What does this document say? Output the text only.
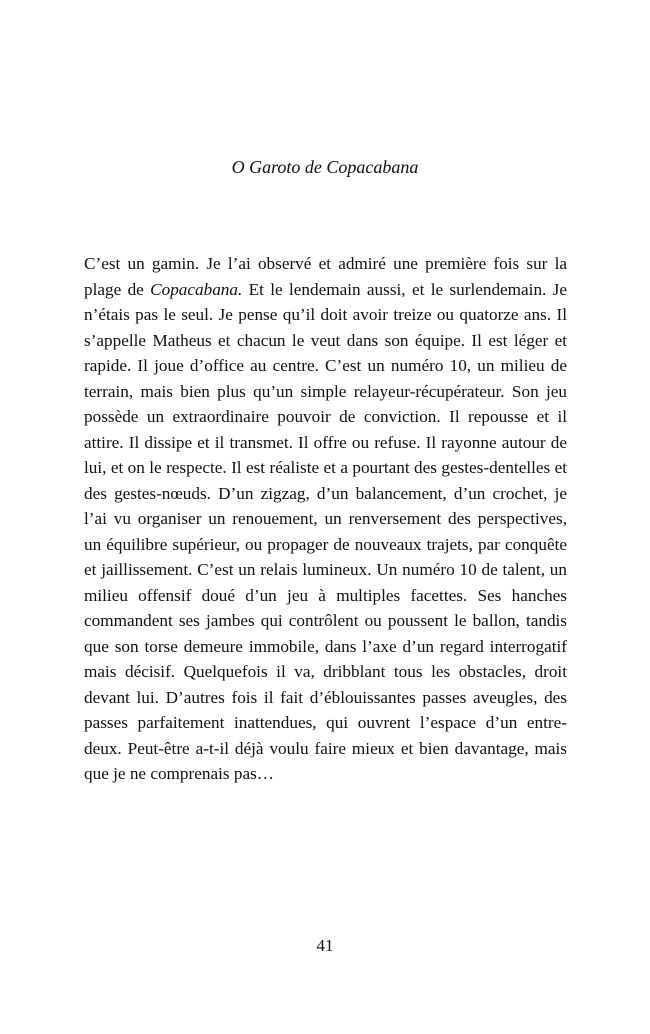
O Garoto de Copacabana

C’est un gamin. Je l’ai observé et admiré une première fois sur la plage de Copacabana. Et le lendemain aussi, et le surlendemain. Je n’étais pas le seul. Je pense qu’il doit avoir treize ou quatorze ans. Il s’appelle Matheus et chacun le veut dans son équipe. Il est léger et rapide. Il joue d’office au centre. C’est un numéro 10, un milieu de terrain, mais bien plus qu’un simple relayeur-récupérateur. Son jeu possède un extraordinaire pouvoir de conviction. Il repousse et il attire. Il dissipe et il transmet. Il offre ou refuse. Il rayonne autour de lui, et on le respecte. Il est réaliste et a pourtant des gestes-dentelles et des gestes-nœuds. D’un zigzag, d’un balancement, d’un crochet, je l’ai vu organiser un renouement, un renversement des perspectives, un équilibre supérieur, ou propager de nouveaux trajets, par conquête et jaillissement. C’est un relais lumineux. Un numéro 10 de talent, un milieu offensif doué d’un jeu à multiples facettes. Ses hanches commandent ses jambes qui contrôlent ou poussent le ballon, tandis que son torse demeure immobile, dans l’axe d’un regard interrogatif mais décisif. Quelquefois il va, dribblant tous les obstacles, droit devant lui. D’autres fois il fait d’éblouissantes passes aveugles, des passes parfaitement inattendues, qui ouvrent l’espace d’un entre-deux. Peut-être a-t-il déjà voulu faire mieux et bien davantage, mais que je ne comprenais pas…

41
